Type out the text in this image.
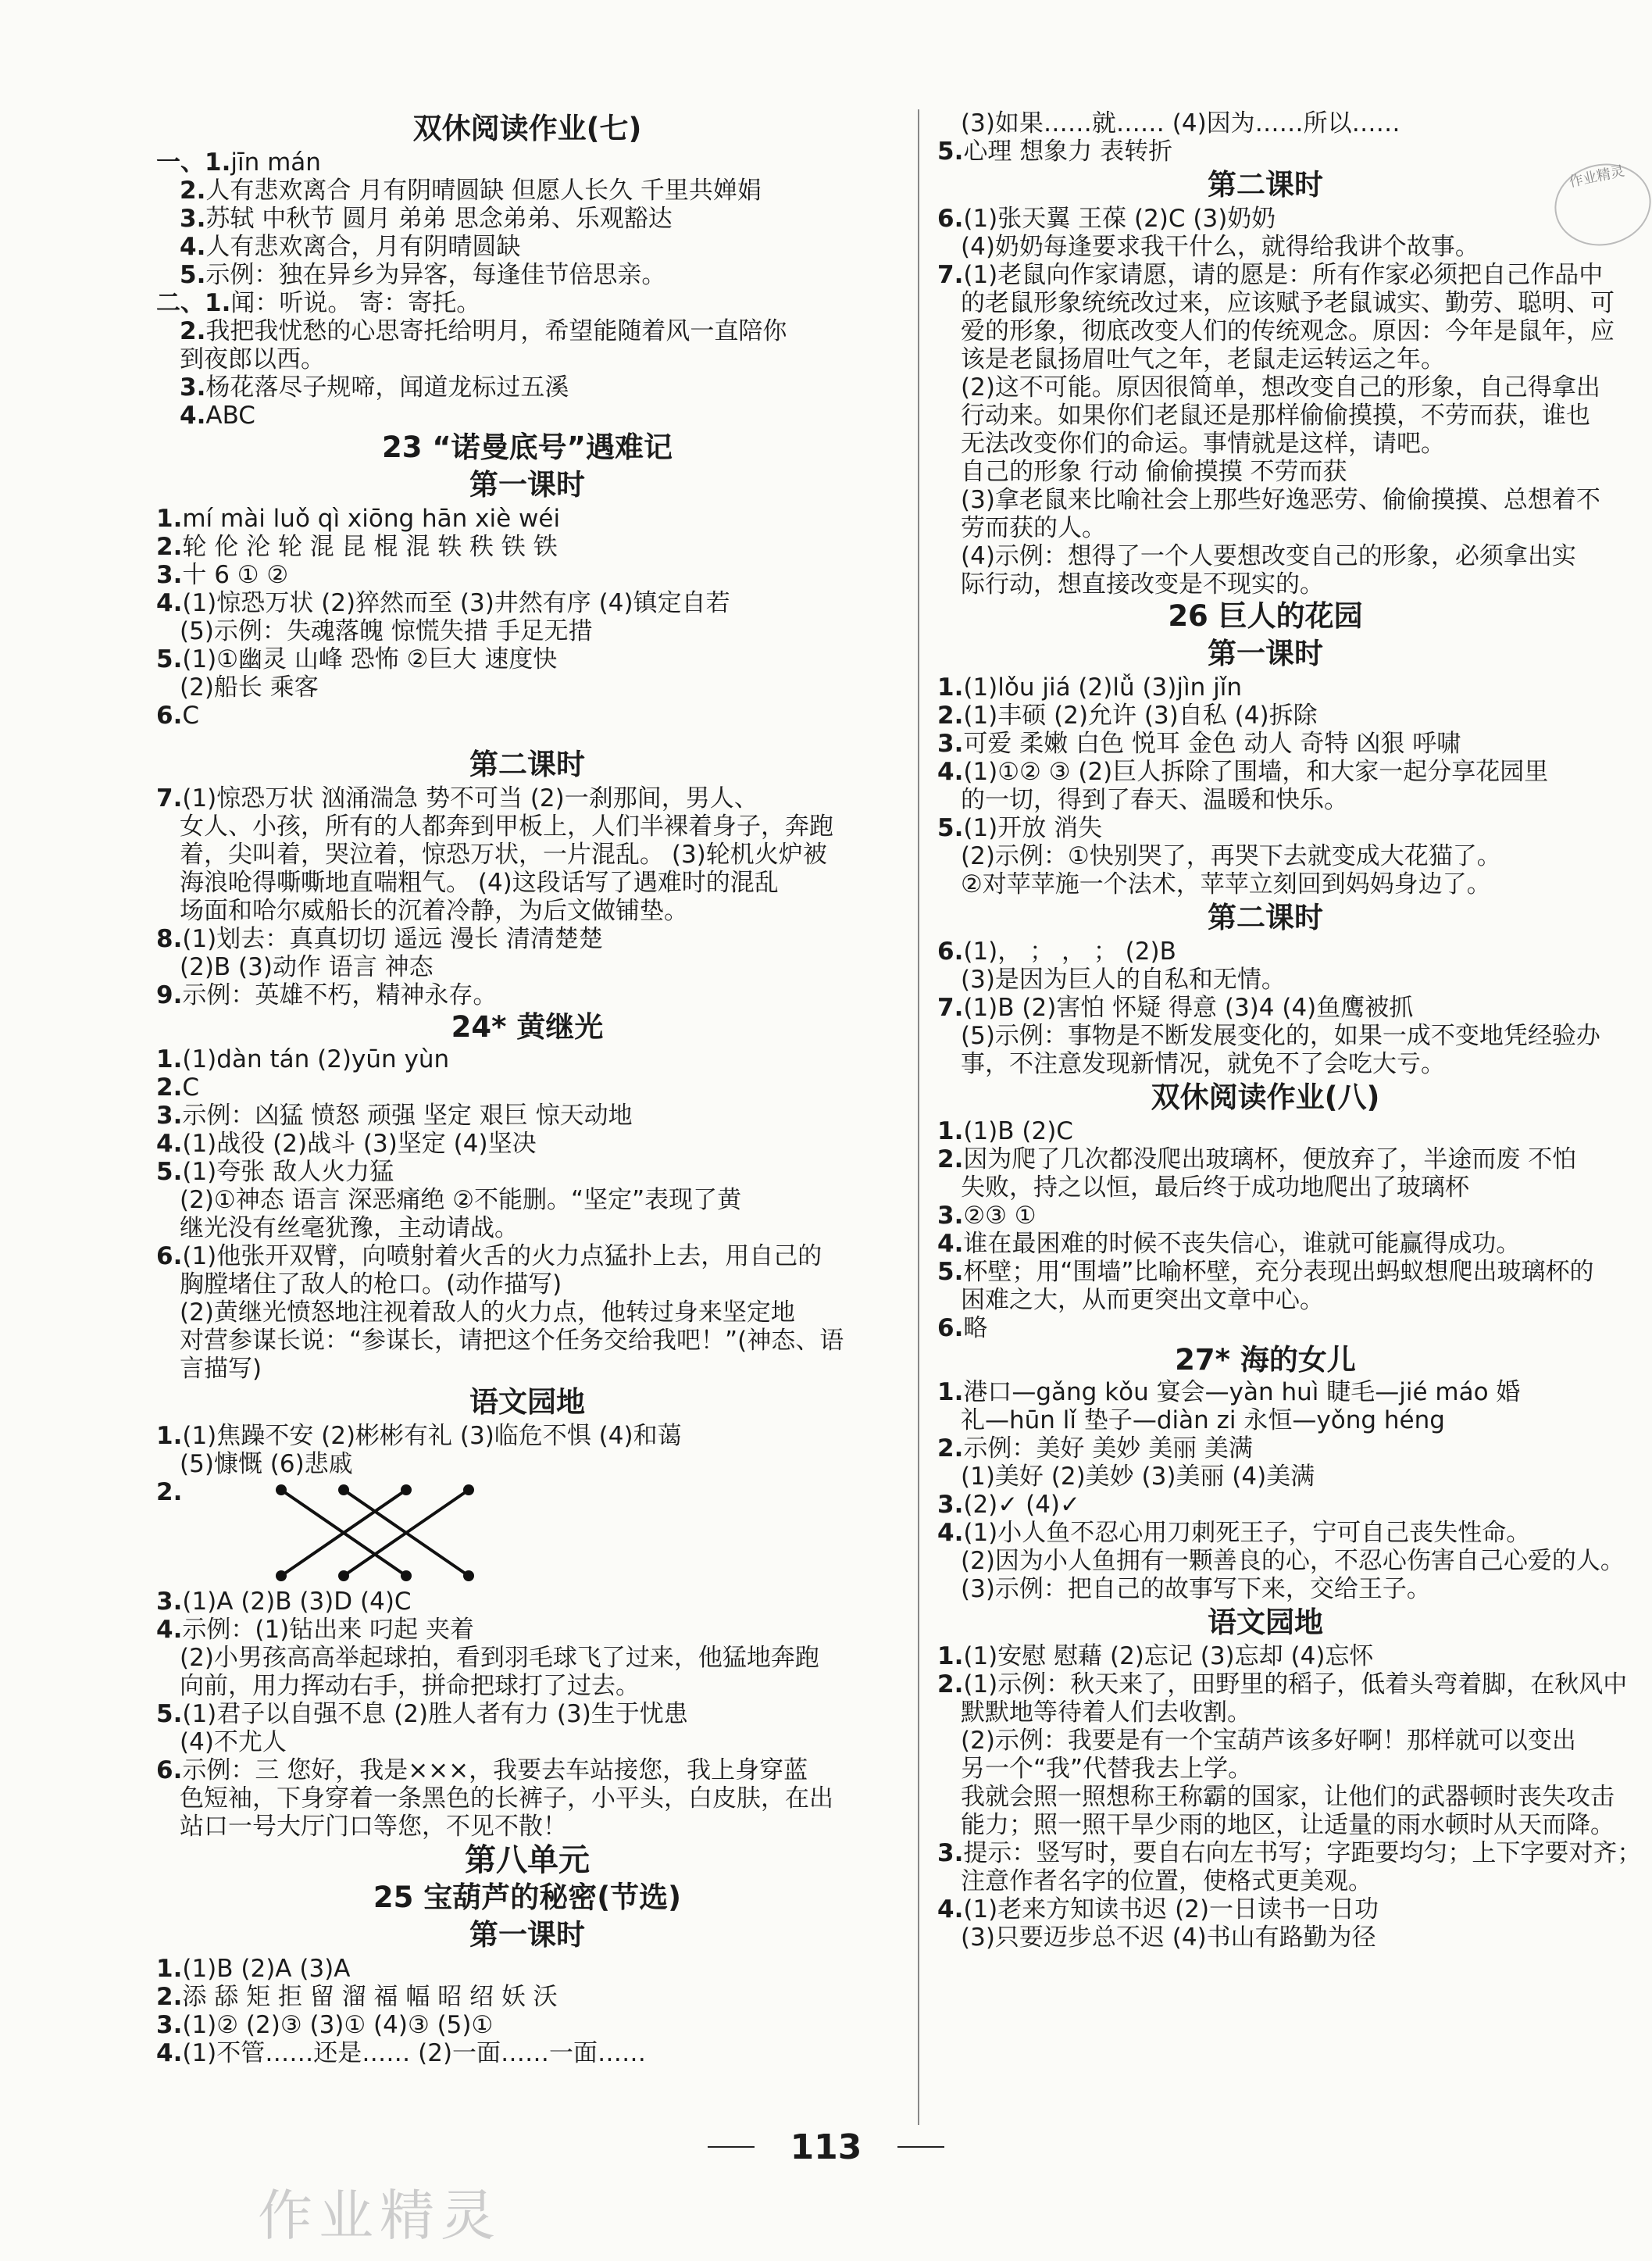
双休阅读作业(七)
一、1.jīn mán
2.人有悲欢离合 月有阴晴圆缺 但愿人长久 千里共婵娟
3.苏轼 中秋节 圆月 弟弟 思念弟弟、乐观豁达
4.人有悲欢离合，月有阴晴圆缺
5.示例：独在异乡为异客，每逢佳节倍思亲。
二、1.闻：听说。 寄：寄托。
2.我把我忧愁的心思寄托给明月，希望能随着风一直陪你
到夜郎以西。
3.杨花落尽子规啼，闻道龙标过五溪
4.ABC
23 “诺曼底号”遇难记
第一课时
1.mí mài luǒ qì xiōng hān xiè wéi
2.轮 伦 沦 轮 混 昆 棍 混 轶 秩 铁 铁
3.十 6 ① ②
4.(1)惊恐万状 (2)猝然而至 (3)井然有序 (4)镇定自若
(5)示例：失魂落魄 惊慌失措 手足无措
5.(1)①幽灵 山峰 恐怖 ②巨大 速度快
(2)船长 乘客
6.C
第二课时
7.(1)惊恐万状 汹涌湍急 势不可当 (2)一刹那间，男人、
女人、小孩，所有的人都奔到甲板上，人们半裸着身子，奔跑
着，尖叫着，哭泣着，惊恐万状，一片混乱。 (3)轮机火炉被
海浪呛得嘶嘶地直喘粗气。 (4)这段话写了遇难时的混乱
场面和哈尔威船长的沉着冷静，为后文做铺垫。
8.(1)划去：真真切切 遥远 漫长 清清楚楚
(2)B (3)动作 语言 神态
9.示例：英雄不朽，精神永存。
24* 黄继光
1.(1)dàn tán (2)yūn yùn
2.C
3.示例：凶猛 愤怒 顽强 坚定 艰巨 惊天动地
4.(1)战役 (2)战斗 (3)坚定 (4)坚决
5.(1)夸张 敌人火力猛
(2)①神态 语言 深恶痛绝 ②不能删。“坚定”表现了黄
继光没有丝毫犹豫，主动请战。
6.(1)他张开双臂，向喷射着火舌的火力点猛扑上去，用自己的
胸膛堵住了敌人的枪口。(动作描写)
(2)黄继光愤怒地注视着敌人的火力点，他转过身来坚定地
对营参谋长说：“参谋长，请把这个任务交给我吧！”(神态、语
言描写)
语文园地
1.(1)焦躁不安 (2)彬彬有礼 (3)临危不惧 (4)和蔼
(5)慷慨 (6)悲戚
2.
3.(1)A (2)B (3)D (4)C
4.示例：(1)钻出来 叼起 夹着
(2)小男孩高高举起球拍，看到羽毛球飞了过来，他猛地奔跑
向前，用力挥动右手，拼命把球打了过去。
5.(1)君子以自强不息 (2)胜人者有力 (3)生于忧患
(4)不尤人
6.示例：三 您好，我是×××，我要去车站接您，我上身穿蓝
色短袖，下身穿着一条黑色的长裤子，小平头，白皮肤，在出
站口一号大厅门口等您，不见不散！
第八单元
25 宝葫芦的秘密(节选)
第一课时
1.(1)B (2)A (3)A
2.添 舔 矩 拒 留 溜 福 幅 昭 绍 妖 沃
3.(1)② (2)③ (3)① (4)③ (5)①
4.(1)不管……还是…… (2)一面……一面……
(3)如果……就…… (4)因为……所以……
5.心理 想象力 表转折
第二课时
6.(1)张天翼 王葆 (2)C (3)奶奶
(4)奶奶每逢要求我干什么，就得给我讲个故事。
7.(1)老鼠向作家请愿，请的愿是：所有作家必须把自己作品中
的老鼠形象统统改过来，应该赋予老鼠诚实、勤劳、聪明、可
爱的形象，彻底改变人们的传统观念。原因：今年是鼠年，应
该是老鼠扬眉吐气之年，老鼠走运转运之年。
(2)这不可能。原因很简单，想改变自己的形象，自己得拿出
行动来。如果你们老鼠还是那样偷偷摸摸，不劳而获，谁也
无法改变你们的命运。事情就是这样，请吧。
自己的形象 行动 偷偷摸摸 不劳而获
(3)拿老鼠来比喻社会上那些好逸恶劳、偷偷摸摸、总想着不
劳而获的人。
(4)示例：想得了一个人要想改变自己的形象，必须拿出实
际行动，想直接改变是不现实的。
26 巨人的花园
第一课时
1.(1)lǒu jiá (2)lǚ (3)jìn jǐn
2.(1)丰硕 (2)允许 (3)自私 (4)拆除
3.可爱 柔嫩 白色 悦耳 金色 动人 奇特 凶狠 呼啸
4.(1)①② ③ (2)巨人拆除了围墙，和大家一起分享花园里
的一切，得到了春天、温暖和快乐。
5.(1)开放 消失
(2)示例：①快别哭了，再哭下去就变成大花猫了。
②对苹苹施一个法术，苹苹立刻回到妈妈身边了。
第二课时
6.(1)， ； ， ； (2)B
(3)是因为巨人的自私和无情。
7.(1)B (2)害怕 怀疑 得意 (3)4 (4)鱼鹰被抓
(5)示例：事物是不断发展变化的，如果一成不变地凭经验办
事，不注意发现新情况，就免不了会吃大亏。
双休阅读作业(八)
1.(1)B (2)C
2.因为爬了几次都没爬出玻璃杯，便放弃了，半途而废 不怕
失败，持之以恒，最后终于成功地爬出了玻璃杯
3.②③ ①
4.谁在最困难的时候不丧失信心，谁就可能赢得成功。
5.杯壁；用“围墙”比喻杯壁，充分表现出蚂蚁想爬出玻璃杯的
困难之大，从而更突出文章中心。
6.略
27* 海的女儿
1.港口—gǎng kǒu 宴会—yàn huì 睫毛—jié máo 婚
礼—hūn lǐ 垫子—diàn zi 永恒—yǒng héng
2.示例：美好 美妙 美丽 美满
(1)美好 (2)美妙 (3)美丽 (4)美满
3.(2)✓ (4)✓
4.(1)小人鱼不忍心用刀刺死王子，宁可自己丧失性命。
(2)因为小人鱼拥有一颗善良的心，不忍心伤害自己心爱的人。
(3)示例：把自己的故事写下来，交给王子。
语文园地
1.(1)安慰 慰藉 (2)忘记 (3)忘却 (4)忘怀
2.(1)示例：秋天来了，田野里的稻子，低着头弯着脚，在秋风中
默默地等待着人们去收割。
(2)示例：我要是有一个宝葫芦该多好啊！那样就可以变出
另一个“我”代替我去上学。
我就会照一照想称王称霸的国家，让他们的武器顿时丧失攻击
能力；照一照干旱少雨的地区，让适量的雨水顿时从天而降。
3.提示：竖写时，要自右向左书写；字距要均匀；上下字要对齐；
注意作者名字的位置，使格式更美观。
4.(1)老来方知读书迟 (2)一日读书一日功
(3)只要迈步总不迟 (4)书山有路勤为径
作业精灵
作业精灵
113
